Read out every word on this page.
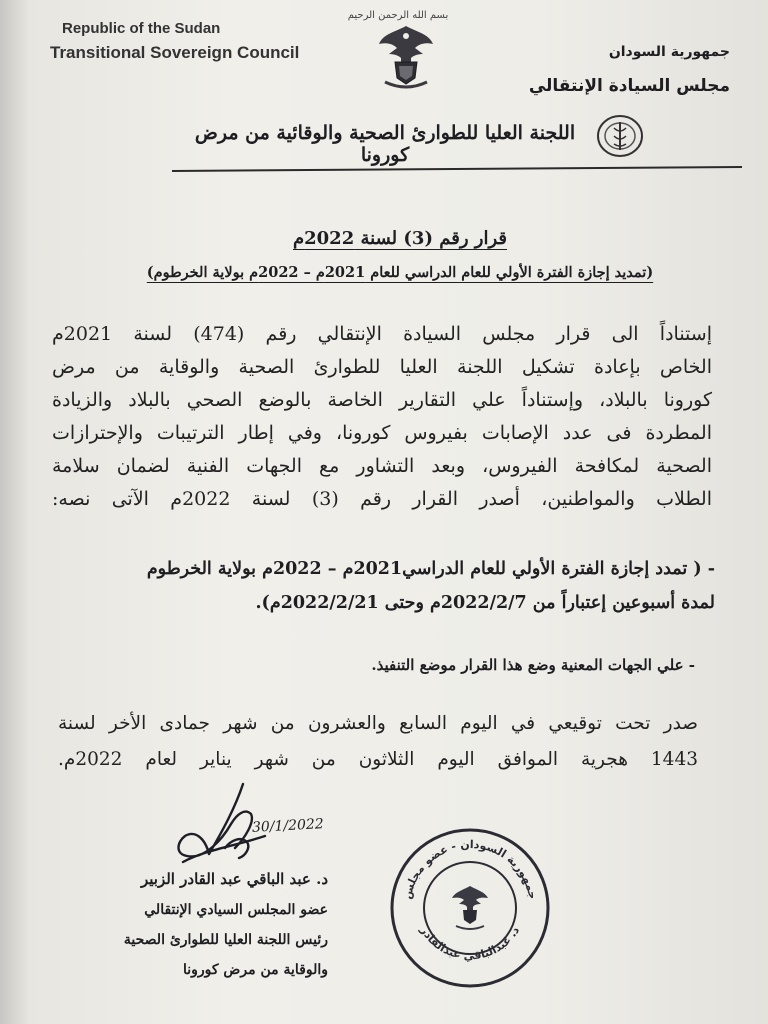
Republic of the Sudan
Transitional Sovereign Council
بسم الله الرحمن الرحيم
جمهورية السودان
مجلس السيادة الإنتقالي
اللجنة العليا للطوارئ الصحية والوقائية من مرض كورونا
قرار رقم (3) لسنة 2022م
(تمديد إجازة الفترة الأولي للعام الدراسي للعام 2021م – 2022م بولاية الخرطوم)
إستناداً الى قرار مجلس السيادة الإنتقالي رقم (474) لسنة 2021م
الخاص بإعادة تشكيل اللجنة العليا للطوارئ الصحية والوقاية من مرض
كورونا بالبلاد، وإستناداً علي التقارير الخاصة بالوضع الصحي بالبلاد والزيادة
المطردة فى عدد الإصابات بفيروس كورونا، وفي إطار الترتيبات والإحترازات
الصحية لمكافحة الفيروس، وبعد التشاور مع الجهات الفنية لضمان سلامة
الطلاب والمواطنين، أصدر القرار رقم (3) لسنة 2022م الآتى نصه:
- ( تمدد إجازة الفترة الأولي للعام الدراسي2021م – 2022م بولاية الخرطوم
لمدة أسبوعين إعتباراً من 2022/2/7م وحتى 2022/2/21م).
- علي الجهات المعنية وضع هذا القرار موضع التنفيذ.
صدر تحت توقيعي في اليوم السابع والعشرون من شهر جمادى الأخر لسنة
1443 هجرية الموافق اليوم الثلاثون من شهر يناير لعام 2022م.
30/1/2022
د. عبد الباقي عبد القادر الزبير
عضو المجلس السيادي الإنتقالي
رئيس اللجنة العليا للطوارئ الصحية
والوقاية من مرض كورونا
جمهورية السودان - عضو مجلس
د. عبدالباقي عبدالقادر
